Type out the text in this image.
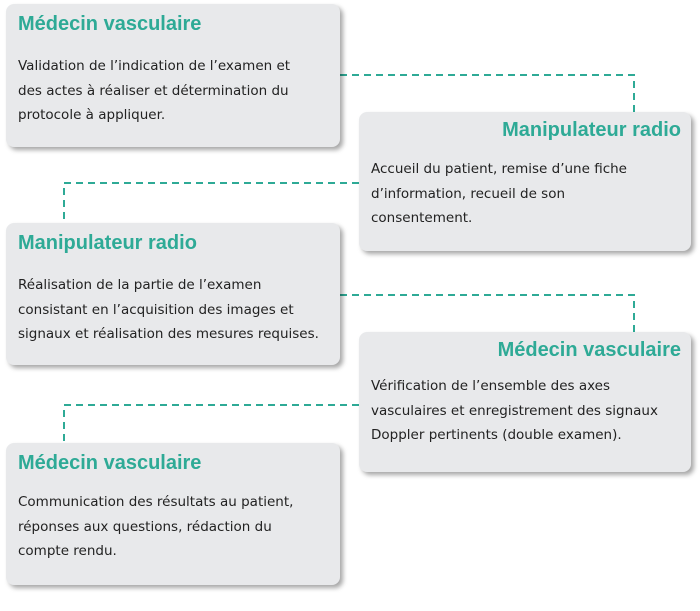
Médecin vasculaire
Validation de l’indication de l’examen et
des actes à réaliser et détermination du
protocole à appliquer.
Manipulateur radio
Accueil du patient, remise d’une fiche
d’information, recueil de son
consentement.
Manipulateur radio
Réalisation de la partie de l’examen
consistant en l’acquisition des images et
signaux et réalisation des mesures requises.
Médecin vasculaire
Vérification de l’ensemble des axes
vasculaires et enregistrement des signaux
Doppler pertinents (double examen).
Médecin vasculaire
Communication des résultats au patient,
réponses aux questions, rédaction du
compte rendu.
